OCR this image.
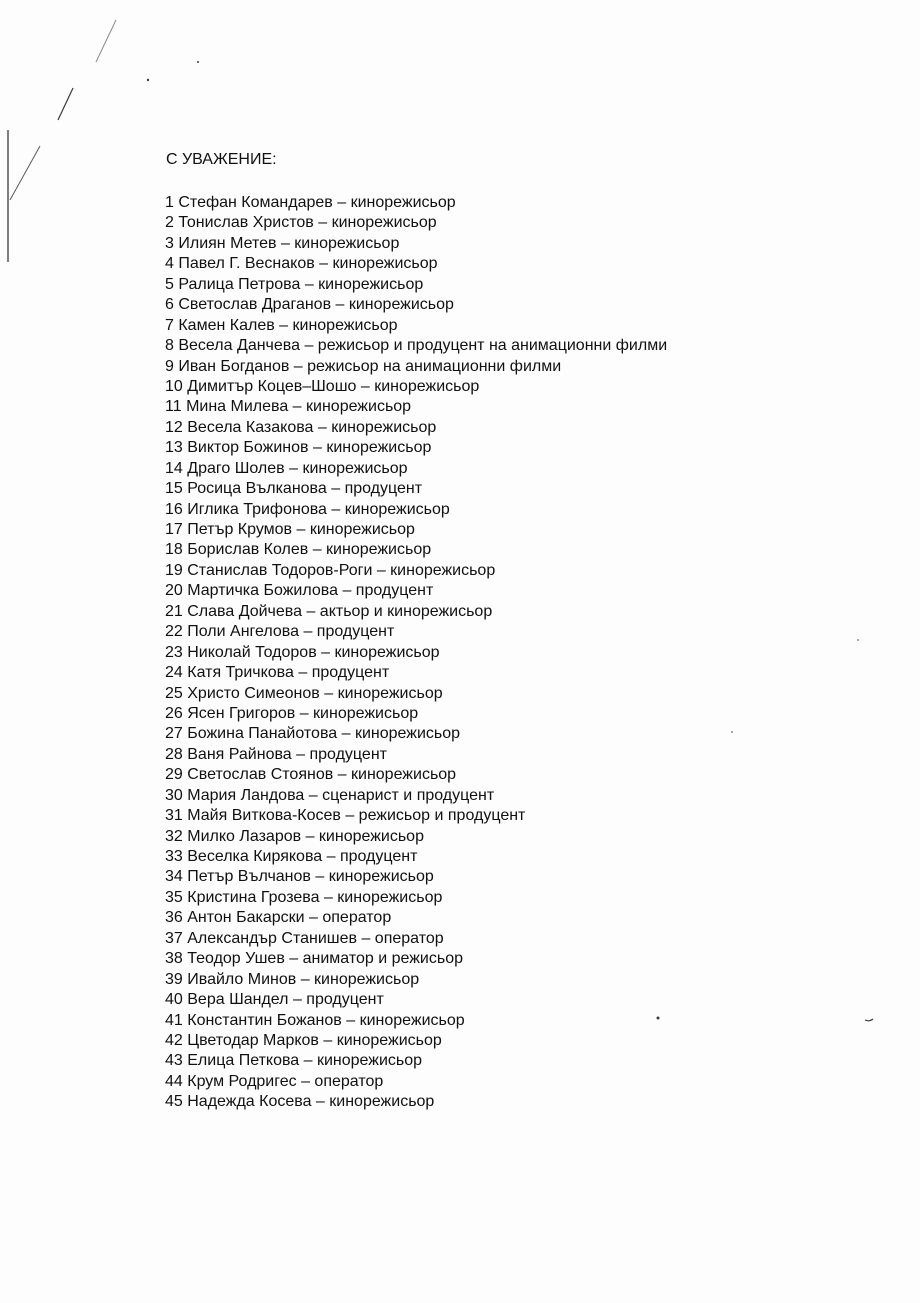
С УВАЖЕНИЕ:
1 Стефан Командарев – кинорежисьор
2 Тонислав Христов – кинорежисьор
3 Илиян Метев – кинорежисьор
4 Павел Г. Веснаков – кинорежисьор
5 Ралица Петрова – кинорежисьор
6 Светослав Драганов – кинорежисьор
7 Камен Калев – кинорежисьор
8 Весела Данчева – режисьор и продуцент на анимационни филми
9 Иван Богданов – режисьор на анимационни филми
10 Димитър Коцев–Шошо – кинорежисьор
11 Мина Милева – кинорежисьор
12 Весела Казакова – кинорежисьор
13 Виктор Божинов – кинорежисьор
14 Драго Шолев – кинорежисьор
15 Росица Вълканова – продуцент
16 Иглика Трифонова – кинорежисьор
17 Петър Крумов – кинорежисьор
18 Борислав Колев – кинорежисьор
19 Станислав Тодоров-Роги – кинорежисьор
20 Мартичка Божилова – продуцент
21 Слава Дойчева – актьор и кинорежисьор
22 Поли Ангелова – продуцент
23 Николай Тодоров – кинорежисьор
24 Катя Тричкова – продуцент
25 Христо Симеонов – кинорежисьор
26 Ясен Григоров – кинорежисьор
27 Божина Панайотова – кинорежисьор
28 Ваня Райнова – продуцент
29 Светослав Стоянов – кинорежисьор
30 Мария Ландова – сценарист и продуцент
31 Майя Виткова-Косев – режисьор и продуцент
32 Милко Лазаров – кинорежисьор
33 Веселка Кирякова – продуцент
34 Петър Вълчанов – кинорежисьор
35 Кристина Грозева – кинорежисьор
36 Антон Бакарски – оператор
37 Александър Станишев – оператор
38 Теодор Ушев – аниматор и режисьор
39 Ивайло Минов – кинорежисьор
40 Вера Шандел – продуцент
41 Константин Божанов – кинорежисьор
42 Цветодар Марков – кинорежисьор
43 Елица Петкова – кинорежисьор
44 Крум Родригес – оператор
45 Надежда Косева – кинорежисьор
